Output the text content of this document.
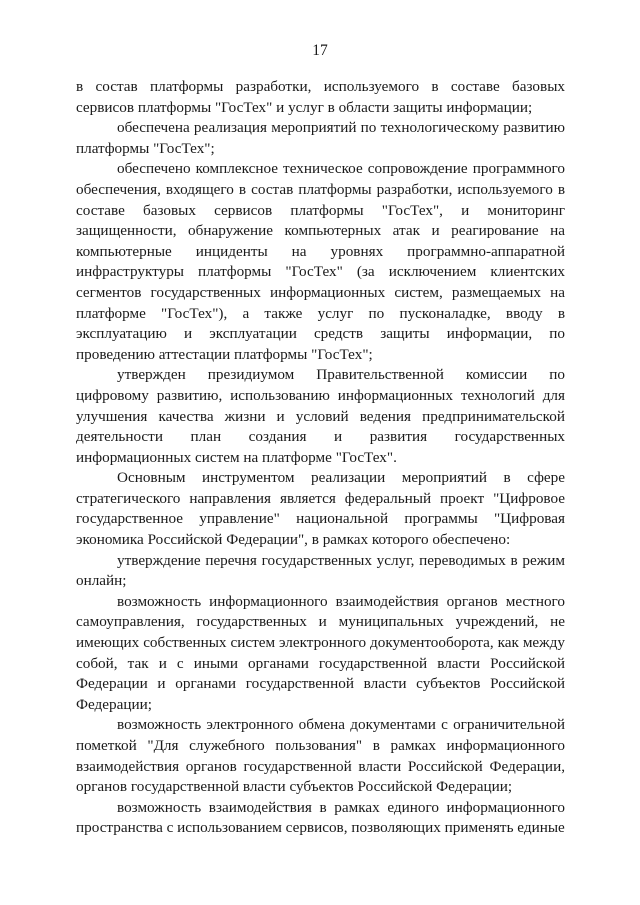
17

в состав платформы разработки, используемого в составе базовых сервисов платформы "ГосТех" и услуг в области защиты информации;

обеспечена реализация мероприятий по технологическому развитию платформы "ГосТех";

обеспечено комплексное техническое сопровождение программного обеспечения, входящего в состав платформы разработки, используемого в составе базовых сервисов платформы "ГосТех", и мониторинг защищенности, обнаружение компьютерных атак и реагирование на компьютерные инциденты на уровнях программно-аппаратной инфраструктуры платформы "ГосТех" (за исключением клиентских сегментов государственных информационных систем, размещаемых на платформе "ГосТех"), а также услуг по пусконаладке, вводу в эксплуатацию и эксплуатации средств защиты информации, по проведению аттестации платформы "ГосТех";

утвержден президиумом Правительственной комиссии по цифровому развитию, использованию информационных технологий для улучшения качества жизни и условий ведения предпринимательской деятельности план создания и развития государственных информационных систем на платформе "ГосТех".

Основным инструментом реализации мероприятий в сфере стратегического направления является федеральный проект "Цифровое государственное управление" национальной программы "Цифровая экономика Российской Федерации", в рамках которого обеспечено:

утверждение перечня государственных услуг, переводимых в режим онлайн;

возможность информационного взаимодействия органов местного самоуправления, государственных и муниципальных учреждений, не имеющих собственных систем электронного документооборота, как между собой, так и с иными органами государственной власти Российской Федерации и органами государственной власти субъектов Российской Федерации;

возможность электронного обмена документами с ограничительной пометкой "Для служебного пользования" в рамках информационного взаимодействия органов государственной власти Российской Федерации, органов государственной власти субъектов Российской Федерации;

возможность взаимодействия в рамках единого информационного пространства с использованием сервисов, позволяющих применять единые
